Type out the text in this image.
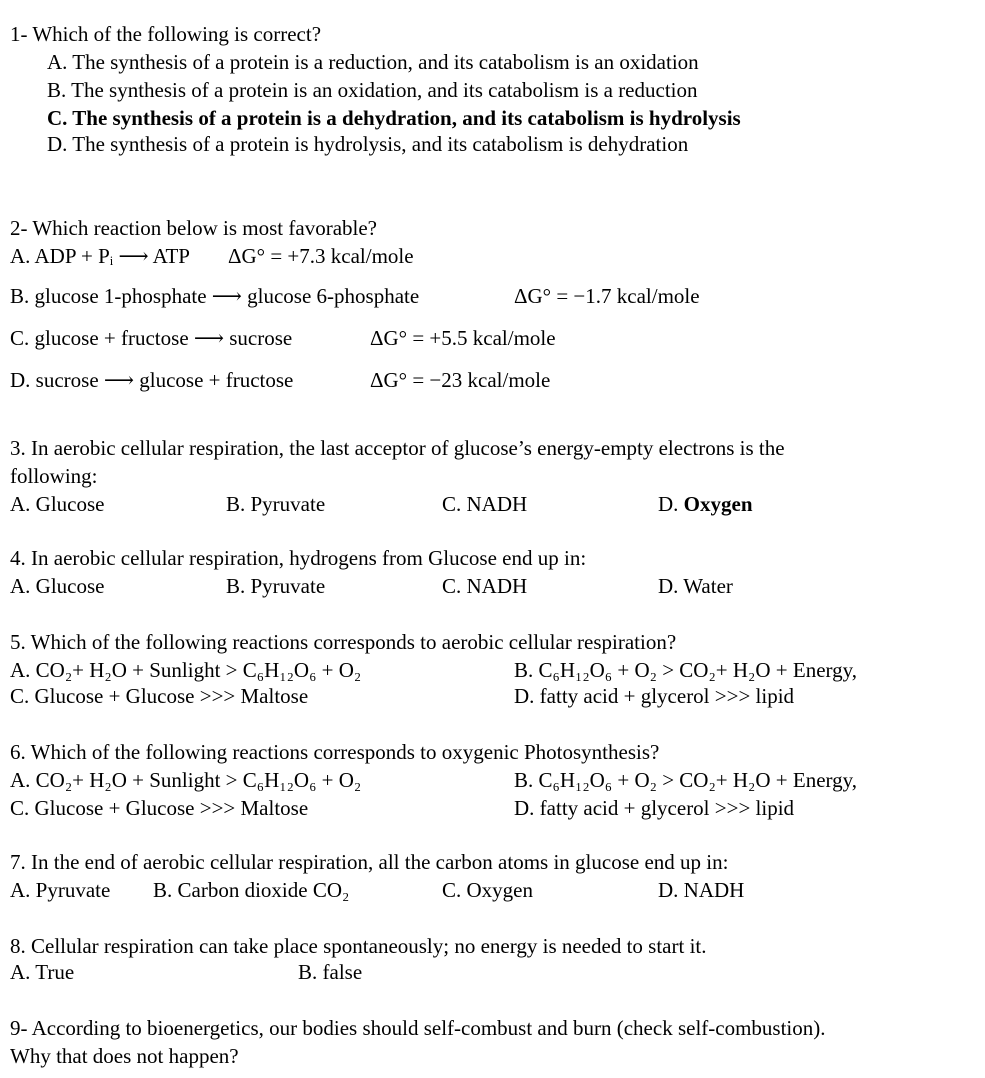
1- Which of the following is correct?
A. The synthesis of a protein is a reduction, and its catabolism is an oxidation
B. The synthesis of a protein is an oxidation, and its catabolism is a reduction
C. The synthesis of a protein is a dehydration, and its catabolism is hydrolysis
D. The synthesis of a protein is hydrolysis, and its catabolism is dehydration
2- Which reaction below is most favorable?
A. ADP + Pᵢ ⟶ ATP ΔG° = +7.3 kcal/mole
B. glucose 1-phosphate ⟶ glucose 6-phosphate	ΔG° = −1.7 kcal/mole
C. glucose + fructose ⟶ sucrose	ΔG° = +5.5 kcal/mole
D. sucrose ⟶ glucose + fructose	ΔG° = −23 kcal/mole
3. In aerobic cellular respiration, the last acceptor of glucose’s energy-empty electrons is the
following:
A. Glucose	B. Pyruvate	C. NADH	D. Oxygen
4. In aerobic cellular respiration, hydrogens from Glucose end up in:
A. Glucose	B. Pyruvate	C. NADH	D. Water
5. Which of the following reactions corresponds to aerobic cellular respiration?
A. CO₂+ H₂O + Sunlight > C₆H₁₂O₆ + O₂	B. C₆H₁₂O₆ + O₂ > CO₂+ H₂O + Energy,
C. Glucose + Glucose >>> Maltose	D. fatty acid + glycerol >>> lipid
6. Which of the following reactions corresponds to oxygenic Photosynthesis?
A. CO₂+ H₂O + Sunlight > C₆H₁₂O₆ + O₂	B. C₆H₁₂O₆ + O₂ > CO₂+ H₂O + Energy,
C. Glucose + Glucose >>> Maltose	D. fatty acid + glycerol >>> lipid
7. In the end of aerobic cellular respiration, all the carbon atoms in glucose end up in:
A. Pyruvate B. Carbon dioxide CO₂	C. Oxygen	D. NADH
8. Cellular respiration can take place spontaneously; no energy is needed to start it.
A. True	B. false
9- According to bioenergetics, our bodies should self-combust and burn (check self-combustion).
Why that does not happen?
